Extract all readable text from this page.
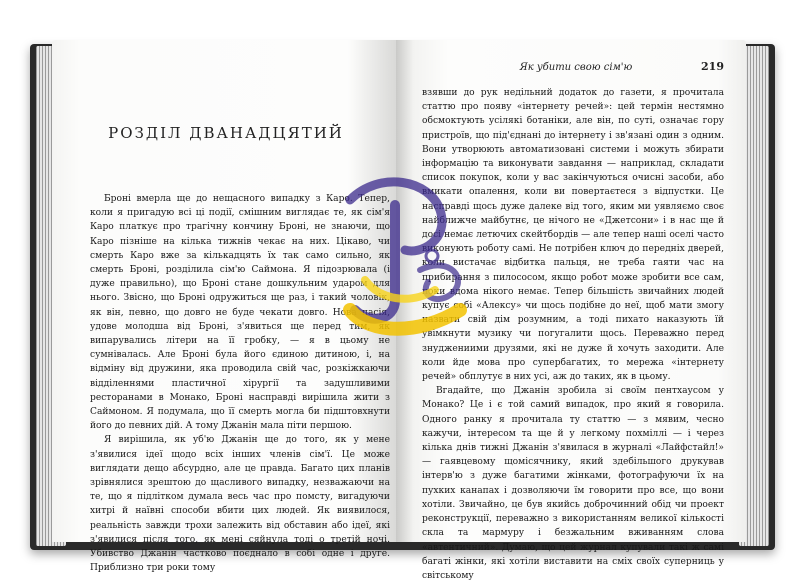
РОЗДІЛ ДВАНАДЦЯТИЙ

Броні вмерла ще до нещасного випадку з Каро. Тепер, коли я пригадую всі ці події, смішним виглядає те, як сім'я Каро платкує про трагічну кончину Броні, не знаючи, що Каро пізніше на кілька тижнів чекає на них. Цікаво, чи смерть Каро вже за кількадцять їх так само сильно, як смерть Броні, розділила сім'ю Саймона. Я підозрювала (і дуже правильно), що Броні стане дошкульним ударом для нього. Звісно, що Броні одружиться ще раз, і такий чоловік, як він, певно, що довго не буде чекати довго. Нова пасія, удове молодша від Броні, з'явиться ще перед тим, як випарувались літери на її гробку, — я в цьому не сумнівалась. Але Броні була його єдиною дитиною, і, на відміну від дружини, яка проводила свій час, розкіжкаючи відділеннями пластичної хірургії та задушливими ресторанами в Монако, Броні насправді вирішила жити з Саймоном. Я подумала, що її смерть могла би підштовхнути його до певних дій. А тому Джанін мала піти першою.

Я вирішила, як уб'ю Джанін ще до того, як у мене з'явилися ідеї щодо всіх інших членів сім'ї. Це може виглядати дещо абсурдно, але це правда. Багато цих планів зрівнялися зрештою до щасливого випадку, незважаючи на те, що я підлітком думала весь час про помсту, вигадуючи хитрі й наївні способи вбити цих людей. Як виявилося, реальність завжди трохи залежить від обставин або ідеї, які з'явилися після того, як мені сяйнула тоді о третій ночі. Убивство Джанін частково поєднало в собі одне і друге. Приблизно три роки тому

Як убити свою сім'ю	219

взявши до рук недільний додаток до газети, я прочитала статтю про появу «інтернету речей»: цей термін нестямно обсмоктують усілякі ботаніки, але він, по суті, означає гору пристроїв, що під'єднані до інтернету і зв'язані один з одним. Вони утворюють автоматизовані системи і можуть збирати інформацію та виконувати завдання — наприклад, складати список покупок, коли у вас закінчуються очисні засоби, або вмикати опалення, коли ви повертаєтеся з відпустки. Це насправді щось дуже далеке від того, яким ми уявляємо своє найближче майбутнє, це нічого не «Джетсони» і в нас ще й досі немає летючих скейтбордів — але тепер наші оселі часто виконують роботу самі. Не потрібен ключ до передніх дверей, коли вистачає відбитка пальця, не треба гаяти час на прибирання з пилососом, якщо робот може зробити все сам, поки вдома нікого немає. Тепер більшість звичайних людей купує собі «Алексу» чи щось подібне до неї, щоб мати змогу назвати свій дім розумним, а тоді пихато наказують їй увімкнути музику чи погугалити щось. Переважно перед знуджениими друзями, які не дуже й хочуть заходити. Але коли йде мова про супербагатих, то мережа «інтернету речей» обплутує в них усі, аж до таких, як в цьому.

Вгадайте, що Джанін зробила зі своїм пентхаусом у Монако? Це і є той самий випадок, про який я говорила. Одного ранку я прочитала ту статтю — з мявим, чесно кажучи, інтересом та ще й у легкому похміллі — і через кілька днів тижні Джанін з'явилася в журналі «Лайфстайл!» — гаявцевому щомісячнику, який здебільшого друкував інтерв'ю з дуже багатими жінками, фотографуючи їх на пухких канапах і дозволяючи їм говорити про все, що вони хотіли. Звичайно, це був якийсь доброчинний обід чи проект реконструкції, переважно з використанням великої кількості скла та мармуру і безжальним вживанням слова «автентичний». Думаю, що цей журнал купували такі ж самі багаті жінки, які хотіли виставити на сміх своїх суперниць у світському
